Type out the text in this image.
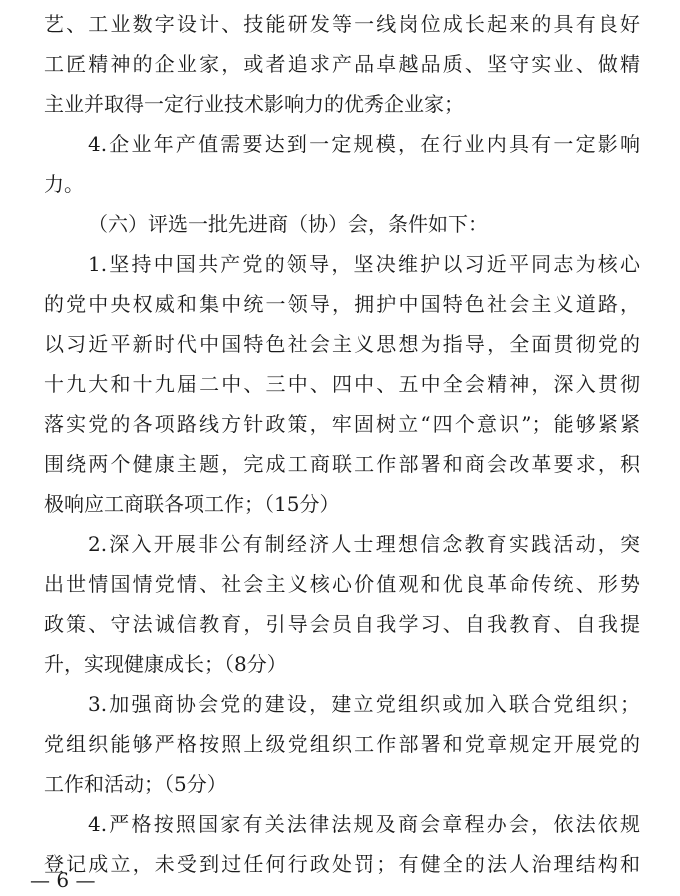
艺、工业数字设计、技能研发等一线岗位成长起来的具有良好
工匠精神的企业家，或者追求产品卓越品质、坚守实业、做精
主业并取得一定行业技术影响力的优秀企业家；
4.企业年产值需要达到一定规模，在行业内具有一定影响
力。
（六）评选一批先进商（协）会，条件如下：
1.坚持中国共产党的领导，坚决维护以习近平同志为核心
的党中央权威和集中统一领导，拥护中国特色社会主义道路，
以习近平新时代中国特色社会主义思想为指导，全面贯彻党的
十九大和十九届二中、三中、四中、五中全会精神，深入贯彻
落实党的各项路线方针政策，牢固树立“四个意识”；能够紧紧
围绕两个健康主题，完成工商联工作部署和商会改革要求，积
极响应工商联各项工作；（15分）
2.深入开展非公有制经济人士理想信念教育实践活动，突
出世情国情党情、社会主义核心价值观和优良革命传统、形势
政策、守法诚信教育，引导会员自我学习、自我教育、自我提
升，实现健康成长；（8分）
3.加强商协会党的建设，建立党组织或加入联合党组织；
党组织能够严格按照上级党组织工作部署和党章规定开展党的
工作和活动；（5分）
4.严格按照国家有关法律法规及商会章程办会，依法依规
登记成立，未受到过任何行政处罚；有健全的法人治理结构和
— 6 —
